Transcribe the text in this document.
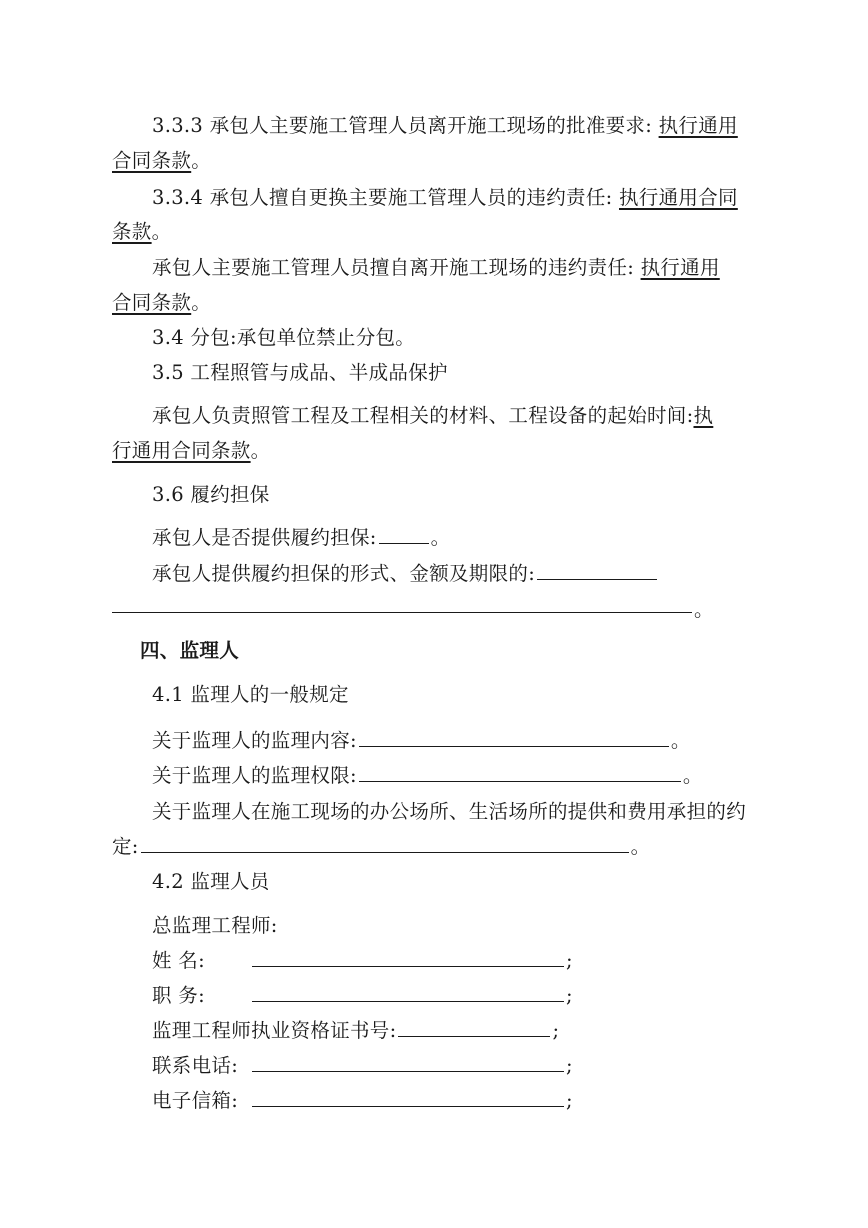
3.3.3 承包人主要施工管理人员离开施工现场的批准要求: 执行通用
合同条款。
3.3.4 承包人擅自更换主要施工管理人员的违约责任: 执行通用合同
条款。
承包人主要施工管理人员擅自离开施工现场的违约责任: 执行通用
合同条款。
3.4 分包:承包单位禁止分包。
3.5 工程照管与成品、半成品保护
承包人负责照管工程及工程相关的材料、工程设备的起始时间:执
行通用合同条款。
3.6 履约担保
承包人是否提供履约担保:	。
承包人提供履约担保的形式、金额及期限的:
。
四、监理人
4.1 监理人的一般规定
关于监理人的监理内容:	。
关于监理人的监理权限:	。
关于监理人在施工现场的办公场所、生活场所的提供和费用承担的约
定:	。
4.2 监理人员
总监理工程师:
姓 名:	;
职 务:	;
监理工程师执业资格证书号:	;
联系电话:	;
电子信箱:	;
